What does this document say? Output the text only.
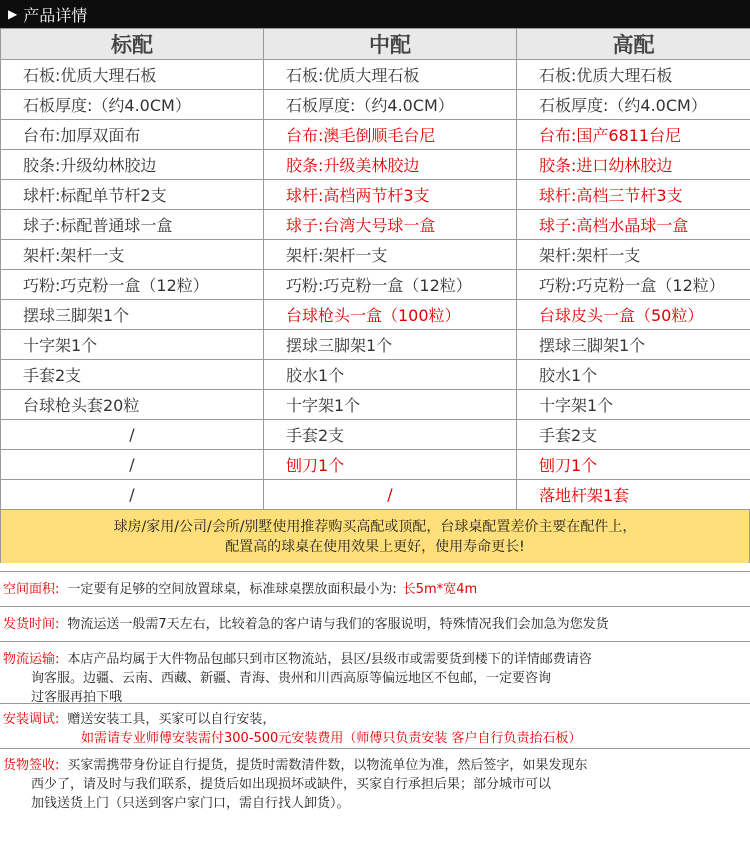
▶ 产品详情
标配	中配	高配
石板:优质大理石板	石板:优质大理石板	石板:优质大理石板
石板厚度:（约4.0CM）	石板厚度:（约4.0CM）	石板厚度:（约4.0CM）
台布:加厚双面布	台布:澳毛倒顺毛台尼	台布:国产6811台尼
胶条:升级幼林胶边	胶条:升级美林胶边	胶条:进口幼林胶边
球杆:标配单节杆2支	球杆:高档两节杆3支	球杆:高档三节杆3支
球子:标配普通球一盒	球子:台湾大号球一盒	球子:高档水晶球一盒
架杆:架杆一支	架杆:架杆一支	架杆:架杆一支
巧粉:巧克粉一盒（12粒）	巧粉:巧克粉一盒（12粒）	巧粉:巧克粉一盒（12粒）
摆球三脚架1个	台球枪头一盒（100粒）	台球皮头一盒（50粒）
十字架1个	摆球三脚架1个	摆球三脚架1个
手套2支	胶水1个	胶水1个
台球枪头套20粒	十字架1个	十字架1个
/	手套2支	手套2支
/	刨刀1个	刨刀1个
/	/	落地杆架1套
球房/家用/公司/会所/别墅使用推荐购买高配或顶配，台球桌配置差价主要在配件上，
配置高的球桌在使用效果上更好，使用寿命更长!
空间面积: 一定要有足够的空间放置球桌，标准球桌摆放面积最小为: 长5m*宽4m
发货时间: 物流运送一般需7天左右，比较着急的客户请与我们的客服说明，特殊情况我们会加急为您发货
物流运输: 本店产品均属于大件物品包邮只到市区物流站，县区/县级市或需要货到楼下的详情邮费请咨
询客服。边疆、云南、西藏、新疆、青海、贵州和川西高原等偏远地区不包邮，一定要咨询
过客服再拍下哦
安装调试: 赠送安装工具，买家可以自行安装，
如需请专业师傅安装需付300-500元安装费用（师傅只负责安装 客户自行负责抬石板）
货物签收: 买家需携带身份证自行提货，提货时需数清件数，以物流单位为准，然后签字，如果发现东
西少了，请及时与我们联系，提货后如出现损坏或缺件，买家自行承担后果；部分城市可以
加钱送货上门（只送到客户家门口，需自行找人卸货）。
